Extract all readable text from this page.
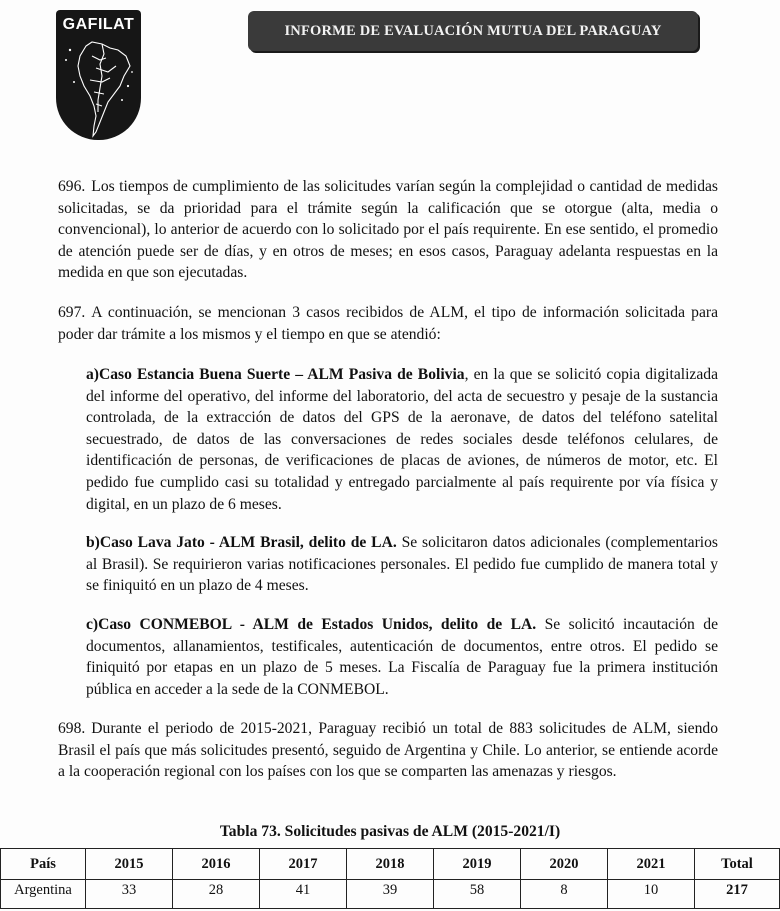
GAFILAT	INFORME DE EVALUACIÓN MUTUA DEL PARAGUAY
696. Los tiempos de cumplimiento de las solicitudes varían según la complejidad o cantidad de medidas solicitadas, se da prioridad para el trámite según la calificación que se otorgue (alta, media o convencional), lo anterior de acuerdo con lo solicitado por el país requirente. En ese sentido, el promedio de atención puede ser de días, y en otros de meses; en esos casos, Paraguay adelanta respuestas en la medida en que son ejecutadas.
697. A continuación, se mencionan 3 casos recibidos de ALM, el tipo de información solicitada para poder dar trámite a los mismos y el tiempo en que se atendió:
a)Caso Estancia Buena Suerte – ALM Pasiva de Bolivia, en la que se solicitó copia digitalizada del informe del operativo, del informe del laboratorio, del acta de secuestro y pesaje de la sustancia controlada, de la extracción de datos del GPS de la aeronave, de datos del teléfono satelital secuestrado, de datos de las conversaciones de redes sociales desde teléfonos celulares, de identificación de personas, de verificaciones de placas de aviones, de números de motor, etc. El pedido fue cumplido casi su totalidad y entregado parcialmente al país requirente por vía física y digital, en un plazo de 6 meses.
b)Caso Lava Jato - ALM Brasil, delito de LA. Se solicitaron datos adicionales (complementarios al Brasil). Se requirieron varias notificaciones personales. El pedido fue cumplido de manera total y se finiquitó en un plazo de 4 meses.
c)Caso CONMEBOL - ALM de Estados Unidos, delito de LA. Se solicitó incautación de documentos, allanamientos, testificales, autenticación de documentos, entre otros. El pedido se finiquitó por etapas en un plazo de 5 meses. La Fiscalía de Paraguay fue la primera institución pública en acceder a la sede de la CONMEBOL.
698. Durante el periodo de 2015-2021, Paraguay recibió un total de 883 solicitudes de ALM, siendo Brasil el país que más solicitudes presentó, seguido de Argentina y Chile. Lo anterior, se entiende acorde a la cooperación regional con los países con los que se comparten las amenazas y riesgos.
Tabla 73. Solicitudes pasivas de ALM (2015-2021/I)
País	2015	2016	2017	2018	2019	2020	2021	Total
Argentina	33	28	41	39	58	8	10	217
